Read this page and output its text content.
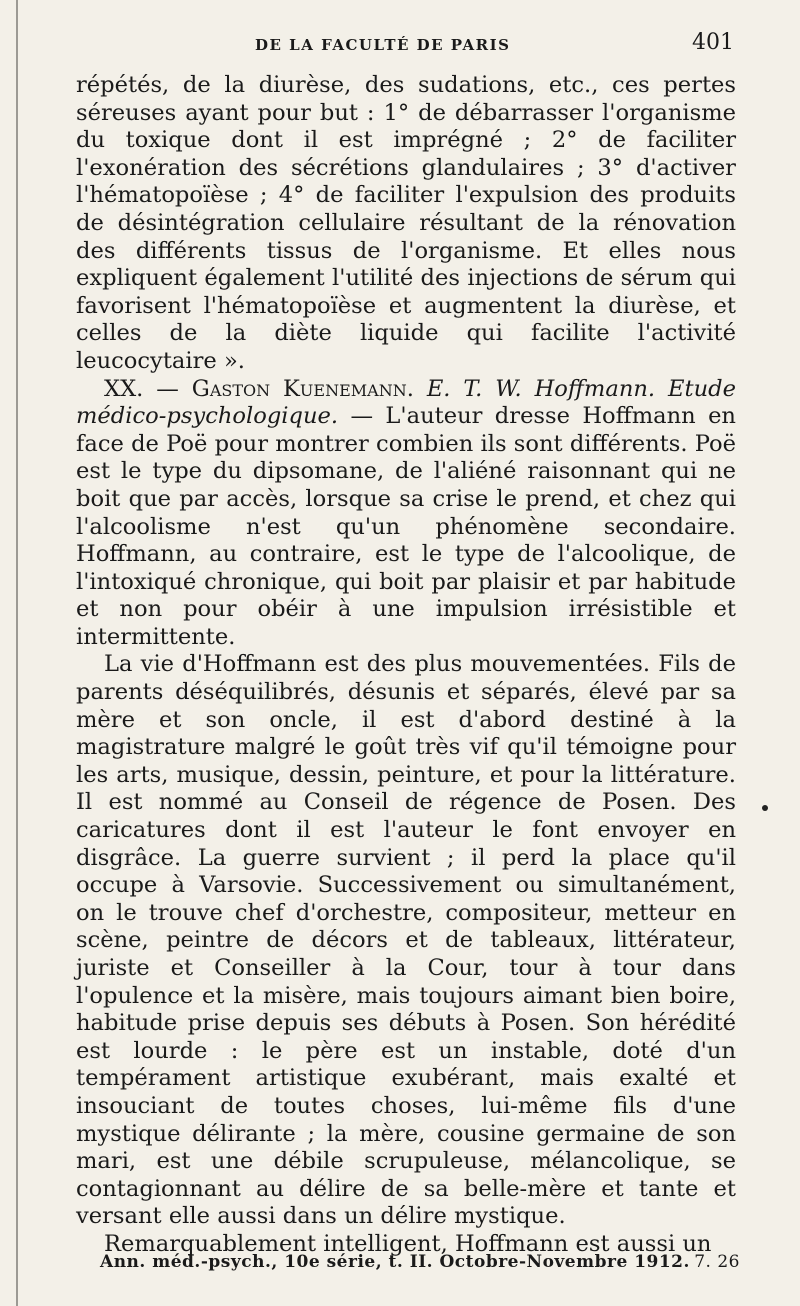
DE LA FACULTÉ DE PARIS	401

répétés, de la diurèse, des sudations, etc., ces pertes séreuses ayant pour but : 1° de débarrasser l'organisme du toxique dont il est imprégné ; 2° de faciliter l'exonération des sécrétions glandulaires ; 3° d'activer l'hématopoïèse ; 4° de faciliter l'expulsion des produits de désintégration cellulaire résultant de la rénovation des différents tissus de l'organisme. Et elles nous expliquent également l'utilité des injections de sérum qui favorisent l'hématopoïèse et augmentent la diurèse, et celles de la diète liquide qui facilite l'activité leucocytaire ».

XX. — Gaston Kuenemann. E. T. W. Hoffmann. Etude médico-psychologique. — L'auteur dresse Hoffmann en face de Poë pour montrer combien ils sont différents. Poë est le type du dipsomane, de l'aliéné raisonnant qui ne boit que par accès, lorsque sa crise le prend, et chez qui l'alcoolisme n'est qu'un phénomène secondaire. Hoffmann, au contraire, est le type de l'alcoolique, de l'intoxiqué chronique, qui boit par plaisir et par habitude et non pour obéir à une impulsion irrésistible et intermittente.

La vie d'Hoffmann est des plus mouvementées. Fils de parents déséquilibrés, désunis et séparés, élevé par sa mère et son oncle, il est d'abord destiné à la magistrature malgré le goût très vif qu'il témoigne pour les arts, musique, dessin, peinture, et pour la littérature. Il est nommé au Conseil de régence de Posen. Des caricatures dont il est l'auteur le font envoyer en disgrâce. La guerre survient ; il perd la place qu'il occupe à Varsovie. Successivement ou simultanément, on le trouve chef d'orchestre, compositeur, metteur en scène, peintre de décors et de tableaux, littérateur, juriste et Conseiller à la Cour, tour à tour dans l'opulence et la misère, mais toujours aimant bien boire, habitude prise depuis ses débuts à Posen. Son hérédité est lourde : le père est un instable, doté d'un tempérament artistique exubérant, mais exalté et insouciant de toutes choses, lui-même fils d'une mystique délirante ; la mère, cousine germaine de son mari, est une débile scrupuleuse, mélancolique, se contagionnant au délire de sa belle-mère et tante et versant elle aussi dans un délire mystique.

Remarquablement intelligent, Hoffmann est aussi un

Ann. méd.-psych., 10e série, t. II. Octobre-Novembre 1912. 7. 26
